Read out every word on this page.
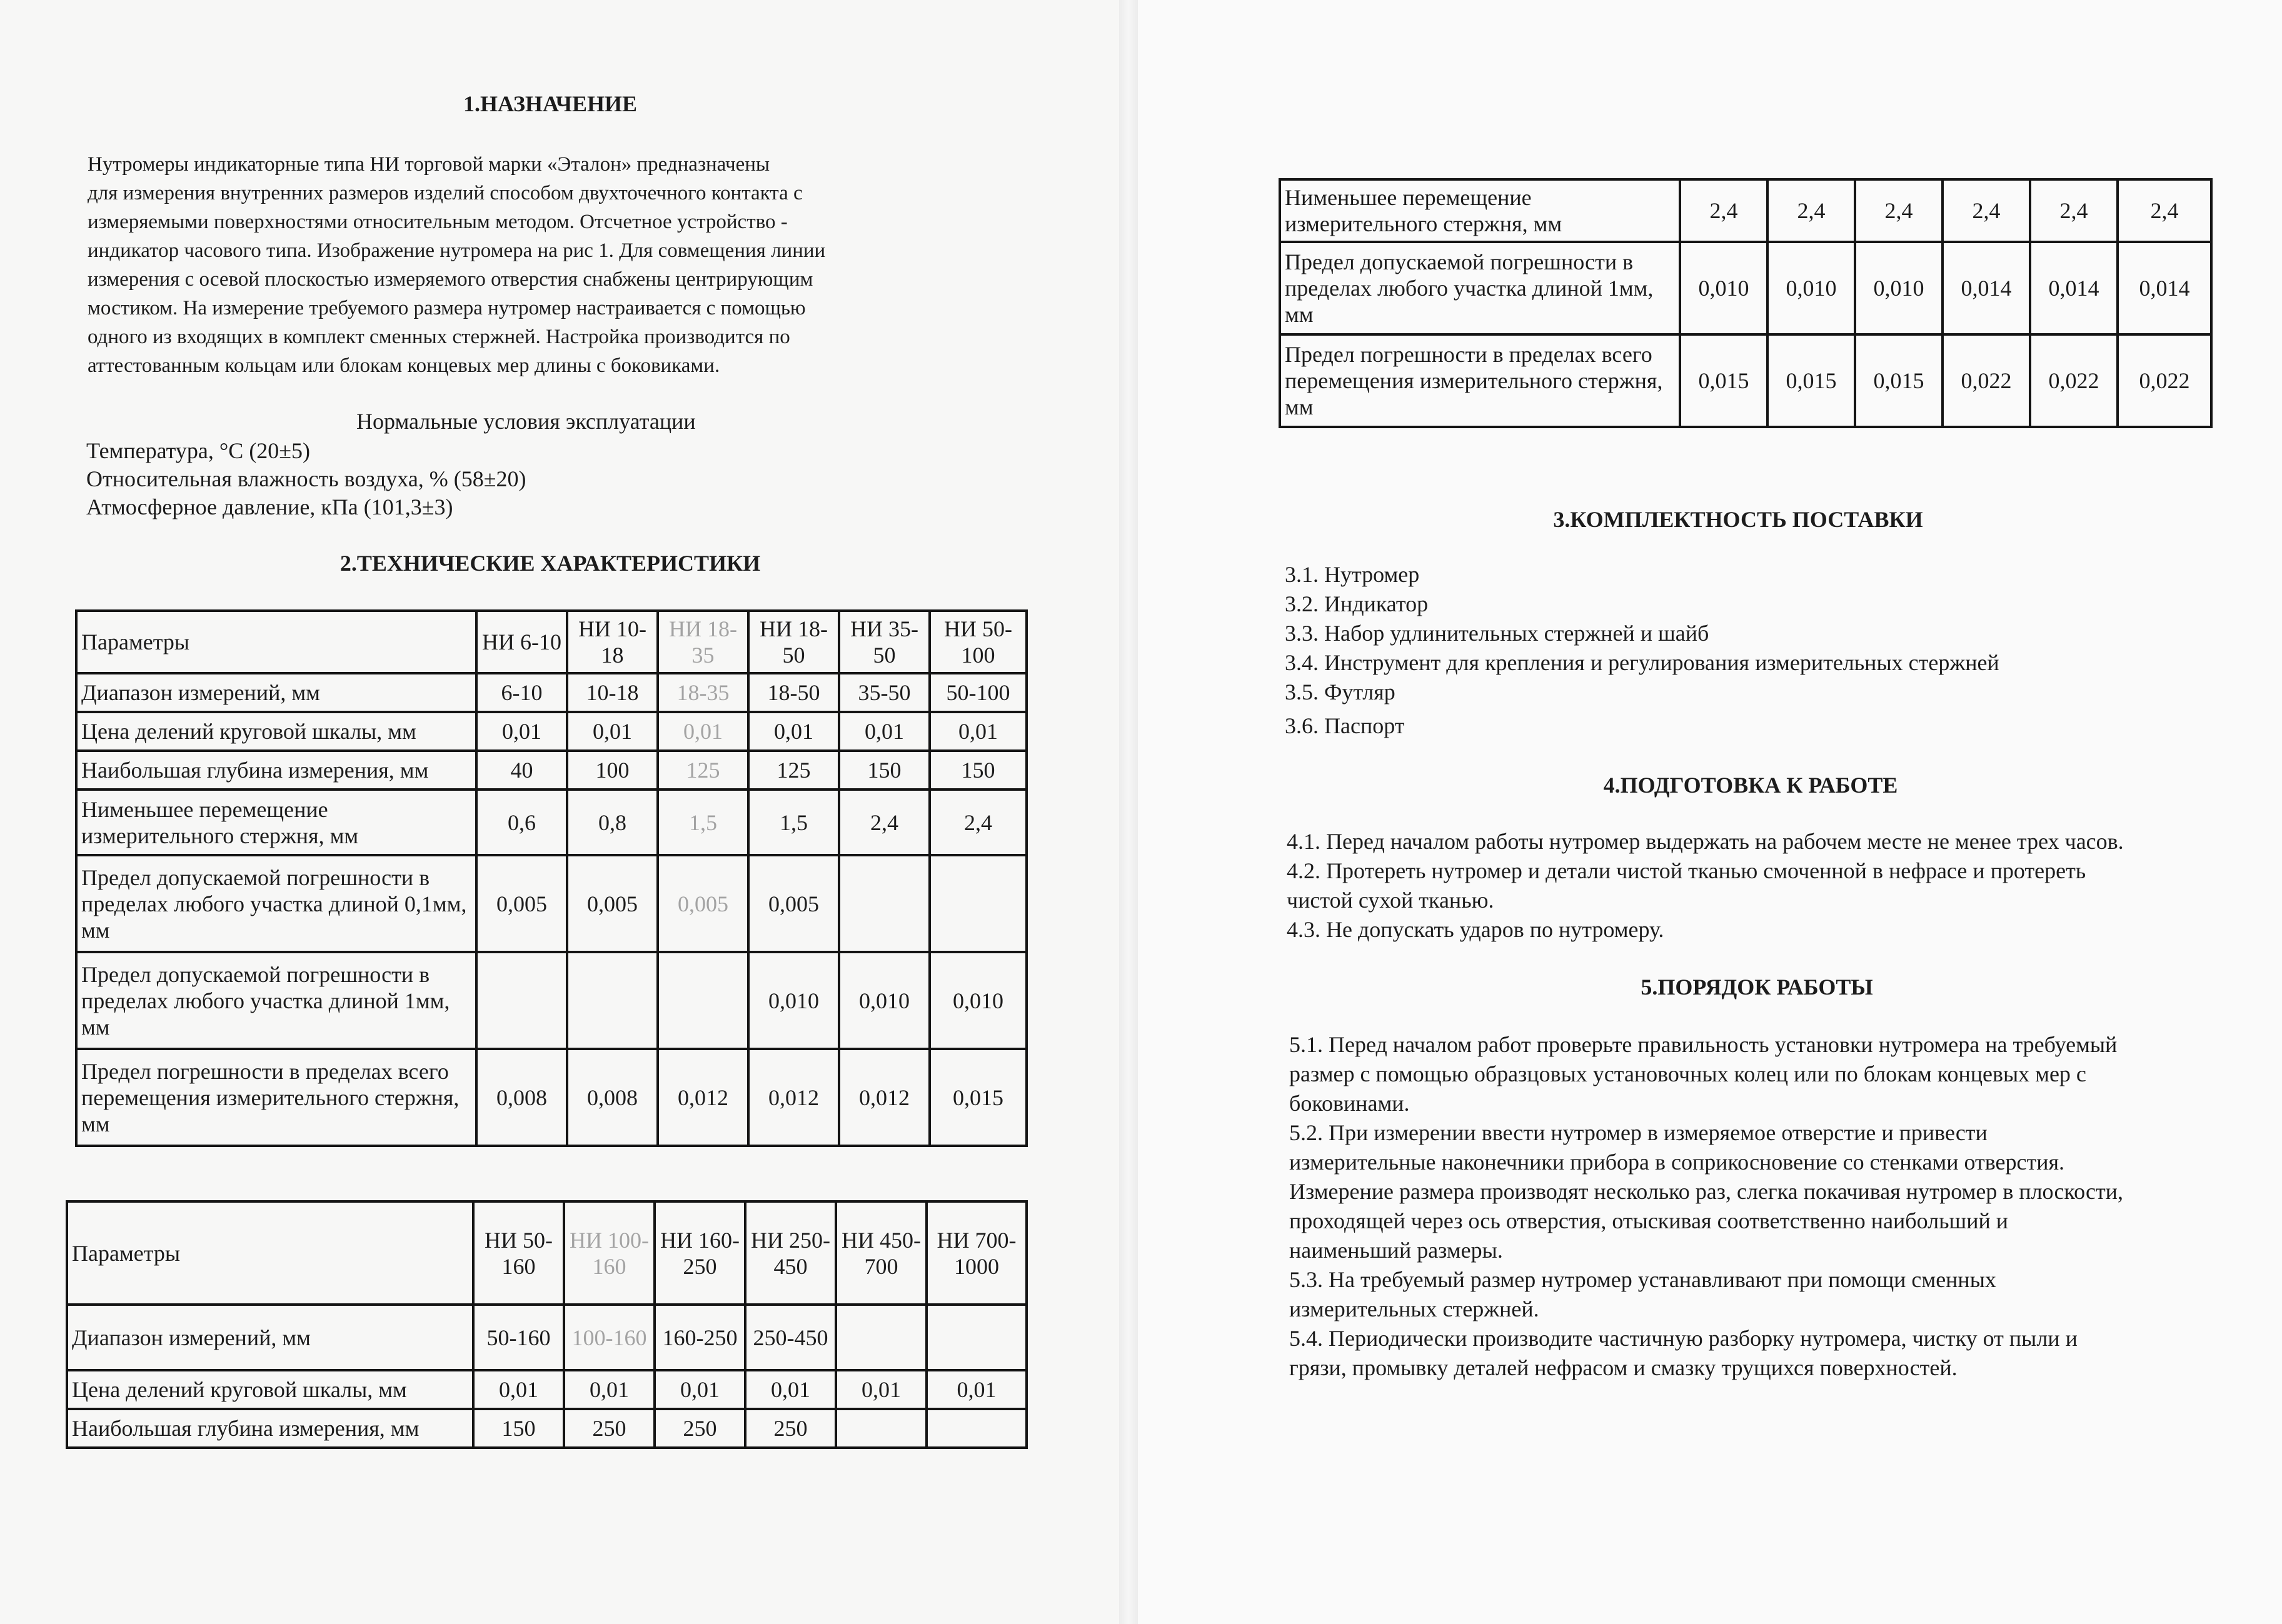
1.НАЗНАЧЕНИЕ
Нутромеры индикаторные типа НИ торговой марки «Эталон» предназначены
для измерения внутренних размеров изделий способом двухточечного контакта с
измеряемыми поверхностями относительным методом. Отсчетное устройство -
индикатор часового типа. Изображение нутромера на рис 1. Для совмещения линии
измерения с осевой плоскостью измеряемого отверстия снабжены центрирующим
мостиком. На измерение требуемого размера нутромер настраивается с помощью
одного из входящих в комплект сменных стержней. Настройка производится по
аттестованным кольцам или блокам концевых мер длины с боковиками.
Нормальные условия эксплуатации
Температура, °С (20±5)
Относительная влажность воздуха, % (58±20)
Атмосферное давление, кПа (101,3±3)
2.ТЕХНИЧЕСКИЕ ХАРАКТЕРИСТИКИ
Параметры	НИ 6-10	НИ 10-18	НИ 18-35	НИ 18-50	НИ 35-50	НИ 50-100
Диапазон измерений, мм	6-10	10-18	18-35	18-50	35-50	50-100
Цена делений круговой шкалы, мм	0,01	0,01	0,01	0,01	0,01	0,01
Наибольшая глубина измерения, мм	40	100	125	125	150	150
Нименьшее перемещение измерительного стержня, мм	0,6	0,8	1,5	1,5	2,4	2,4
Предел допускаемой погрешности в пределах любого участка длиной 0,1мм, мм	0,005	0,005	0,005	0,005		
Предел допускаемой погрешности в пределах любого участка длиной 1мм, мм				0,010	0,010	0,010
Предел погрешности в пределах всего перемещения измерительного стержня, мм	0,008	0,008	0,012	0,012	0,012	0,015
Параметры	НИ 50-160	НИ 100-160	НИ 160-250	НИ 250-450	НИ 450-700	НИ 700-1000
Диапазон измерений, мм	50-160	100-160	160-250	250-450		
Цена делений круговой шкалы, мм	0,01	0,01	0,01	0,01	0,01	0,01
Наибольшая глубина измерения, мм	150	250	250	250		
Нименьшее перемещение измерительного стержня, мм	2,4	2,4	2,4	2,4	2,4	2,4
Предел допускаемой погрешности в пределах любого участка длиной 1мм, мм	0,010	0,010	0,010	0,014	0,014	0,014
Предел погрешности в пределах всего перемещения измерительного стержня, мм	0,015	0,015	0,015	0,022	0,022	0,022
3.КОМПЛЕКТНОСТЬ ПОСТАВКИ
3.1. Нутромер
3.2. Индикатор
3.3. Набор удлинительных стержней и шайб
3.4. Инструмент для крепления и регулирования измерительных стержней
3.5. Футляр
3.6. Паспорт
4.ПОДГОТОВКА К РАБОТЕ
4.1. Перед началом работы нутромер выдержать на рабочем месте не менее трех часов.
4.2. Протереть нутромер и детали чистой тканью смоченной в нефрасе и протереть
чистой сухой тканью.
4.3. Не допускать ударов по нутромеру.
5.ПОРЯДОК РАБОТЫ
5.1. Перед началом работ проверьте правильность установки нутромера на требуемый
размер с помощью образцовых установочных колец или по блокам концевых мер с
боковинами.
5.2. При измерении ввести нутромер в измеряемое отверстие и привести
измерительные наконечники прибора в соприкосновение со стенками отверстия.
Измерение размера производят несколько раз, слегка покачивая нутромер в плоскости,
проходящей через ось отверстия, отыскивая соответственно наибольший и
наименьший размеры.
5.3. На требуемый размер нутромер устанавливают при помощи сменных
измерительных стержней.
5.4. Периодически производите частичную разборку нутромера, чистку от пыли и
грязи, промывку деталей нефрасом и смазку трущихся поверхностей.
